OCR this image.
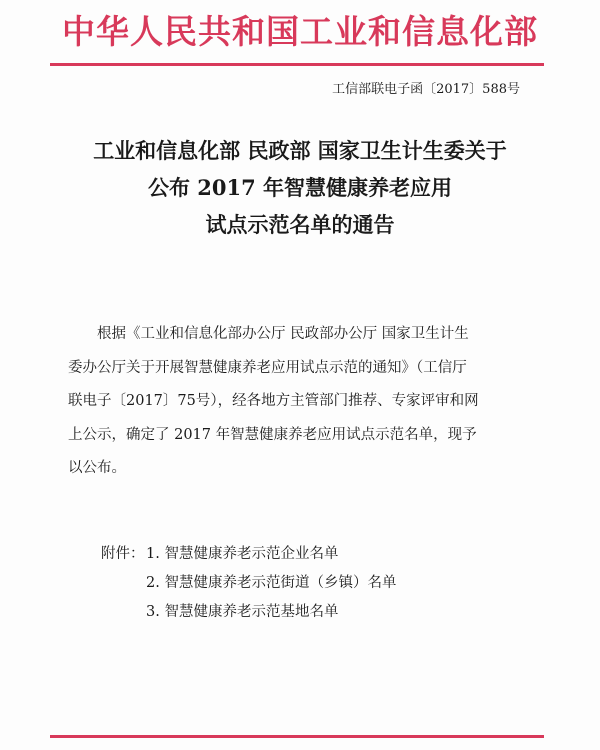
中华人民共和国工业和信息化部
工信部联电子函〔2017〕588号
工业和信息化部 民政部 国家卫生计生委关于
公布 2017 年智慧健康养老应用
试点示范名单的通告
根据《工业和信息化部办公厅 民政部办公厅 国家卫生计生
委办公厅关于开展智慧健康养老应用试点示范的通知》（工信厅
联电子〔2017〕75号），经各地方主管部门推荐、专家评审和网
上公示，确定了 2017 年智慧健康养老应用试点示范名单，现予
以公布。
附件： 1. 智慧健康养老示范企业名单
2. 智慧健康养老示范街道（乡镇）名单
3. 智慧健康养老示范基地名单
